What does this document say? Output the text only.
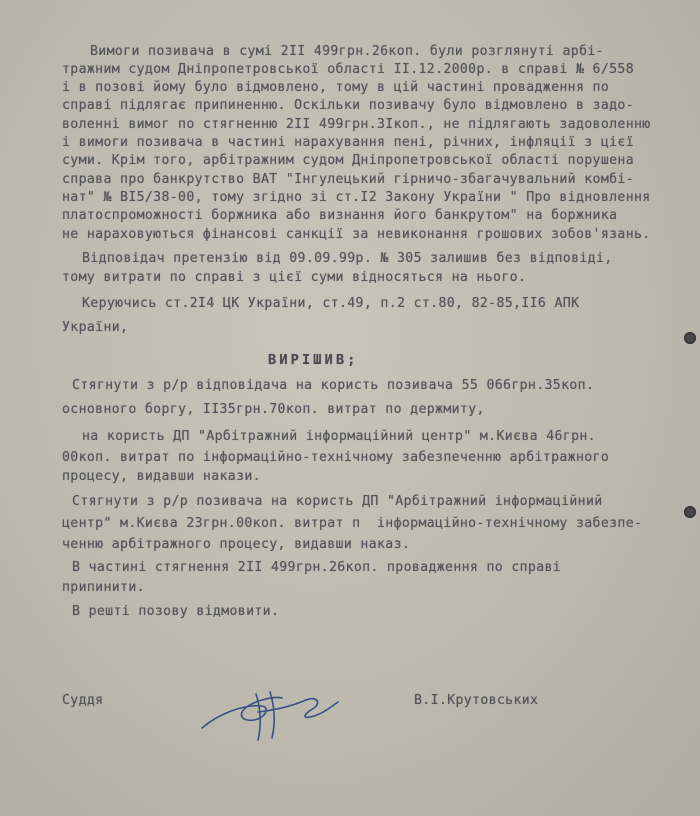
Вимоги позивача в сумі 2II 499грн.26коп. були розглянуті арбі-
тражним судом Дніпропетровської області II.12.2000р. в справі № 6/558
і в позові йому було відмовлено, тому в цій частині провадження по
справі підлягає припиненню. Оскільки позивачу було відмовлено в задо-
воленні вимог по стягненню 2II 499грн.3Iкоп., не підлягають задоволенню
і вимоги позивача в частині нарахування пені, річних, інфляції з цієї
суми. Крім того, арбітражним судом Дніпропетровської області порушена
справа про банкрутство ВАТ "Інгулецький гірничо-збагачувальний комбі-
нат" № ВI5/38-00, тому згідно зі ст.I2 Закону України " Про відновлення
платоспроможності боржника або визнання його банкрутом" на боржника
не нараховуються фінансові санкції за невиконання грошових зобов'язань.
Відповідач претензію від 09.09.99р. № 305 залишив без відповіді,
тому витрати по справі з цієї суми відносяться на нього.
Керуючись ст.2I4 ЦК України, ст.49, п.2 ст.80, 82-85,II6 АПК
України,
ВИРІШИВ;
Стягнути з р/р відповідача на користь позивача 55 066грн.35коп.
основного боргу, II35грн.70коп. витрат по держмиту,
на користь ДП "Арбітражний інформаційний центр" м.Києва 46грн.
00коп. витрат по інформаційно-технічному забезпеченню арбітражного
процесу, видавши накази.
Стягнути з р/р позивача на користь ДП "Арбітражний інформаційний
центр" м.Києва 23грн.00коп. витрат п  інформаційно-технічному забезпе-
ченню арбітражного процесу, видавши наказ.
В частині стягнення 2II 499грн.26коп. провадження по справі
припинити.
В решті позову відмовити.
Суддя	В.І.Крутовських
